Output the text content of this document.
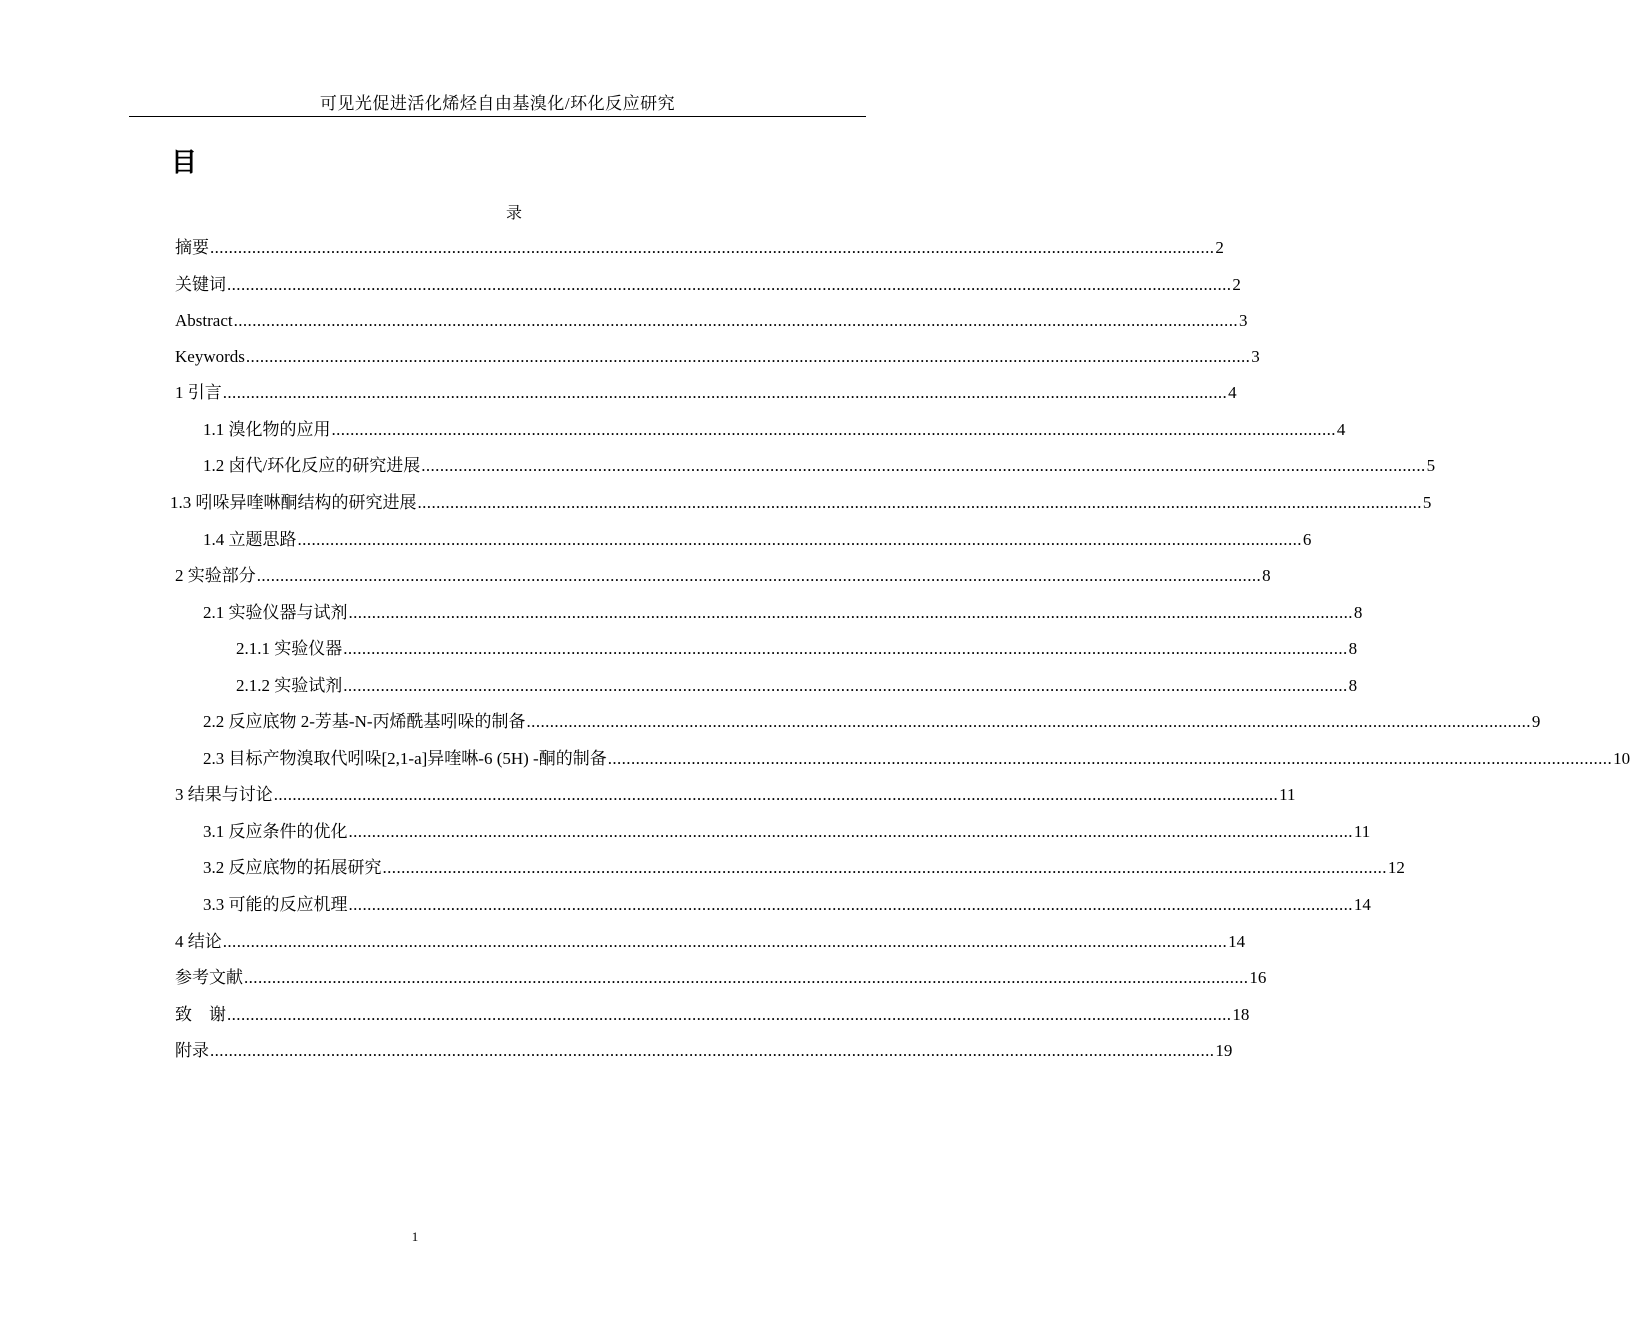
可见光促进活化烯烃自由基溴化/环化反应研究
目
录
摘要 ........................................................................................................................................................................................................................ 2
关键词 ........................................................................................................................................................................................................................ 2
Abstract ........................................................................................................................................................................................................................ 3
Keywords ........................................................................................................................................................................................................................ 3
1 引言 ........................................................................................................................................................................................................................ 4
1.1 溴化物的应用 ........................................................................................................................................................................................................................ 4
1.2 卤代/环化反应的研究进展 ........................................................................................................................................................................................................................ 5
1.3 吲哚异喹啉酮结构的研究进展 ........................................................................................................................................................................................................................ 5
1.4 立题思路 ........................................................................................................................................................................................................................ 6
2 实验部分 ........................................................................................................................................................................................................................ 8
2.1 实验仪器与试剂 ........................................................................................................................................................................................................................ 8
2.1.1 实验仪器 ........................................................................................................................................................................................................................ 8
2.1.2 实验试剂 ........................................................................................................................................................................................................................ 8
2.2 反应底物 2-芳基-N-丙烯酰基吲哚的制备 ........................................................................................................................................................................................................................ 9
2.3 目标产物溴取代吲哚[2,1-a]异喹啉-6 (5H) -酮的制备 ........................................................................................................................................................................................................................ 10
3 结果与讨论 ........................................................................................................................................................................................................................ 11
3.1 反应条件的优化 ........................................................................................................................................................................................................................ 11
3.2 反应底物的拓展研究 ........................................................................................................................................................................................................................ 12
3.3 可能的反应机理 ........................................................................................................................................................................................................................ 14
4 结论 ........................................................................................................................................................................................................................ 14
参考文献 ........................................................................................................................................................................................................................ 16
致　谢 ........................................................................................................................................................................................................................ 18
附录 ........................................................................................................................................................................................................................ 19
1
